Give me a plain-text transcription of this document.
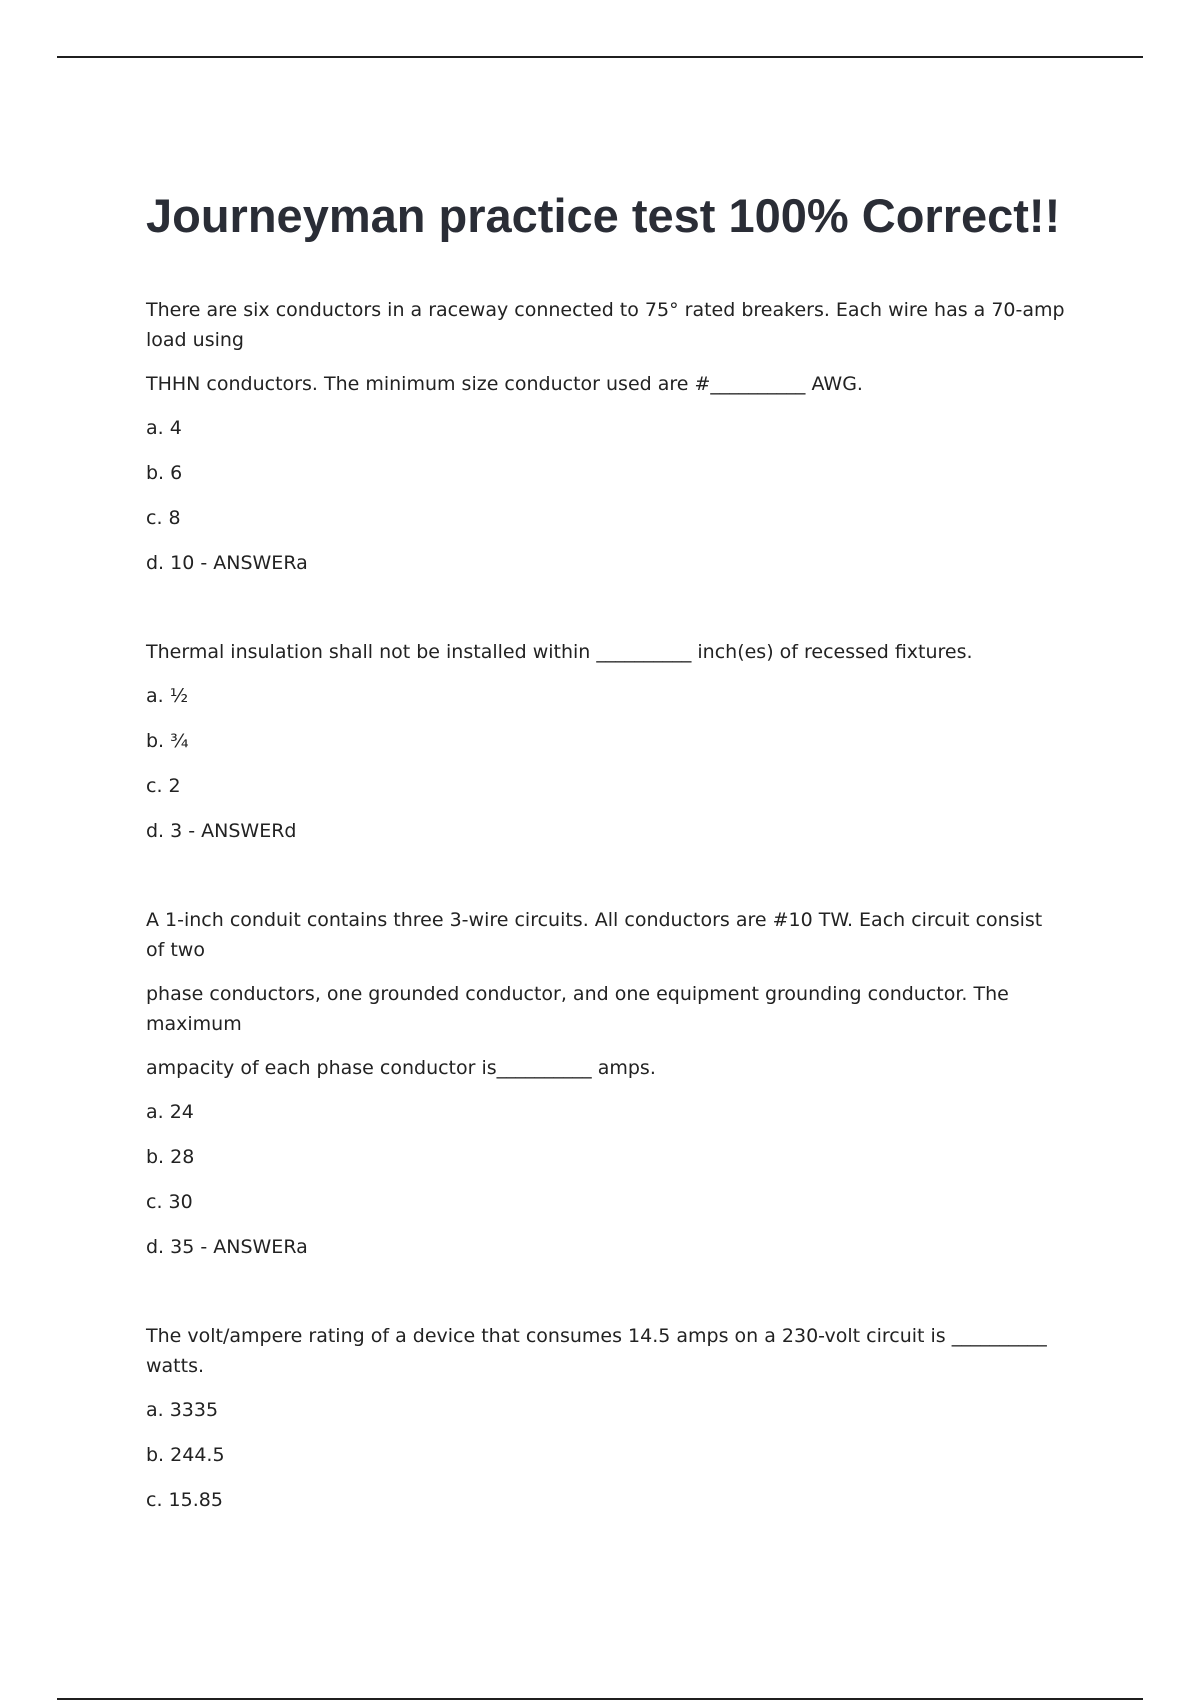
Journeyman practice test 100% Correct!!

There are six conductors in a raceway connected to 75° rated breakers. Each wire has a 70-amp load using

THHN conductors. The minimum size conductor used are #__________ AWG.

a. 4

b. 6

c. 8

d. 10 - ANSWERa

Thermal insulation shall not be installed within __________ inch(es) of recessed fixtures.

a. ½

b. ¾

c. 2

d. 3 - ANSWERd

A 1-inch conduit contains three 3-wire circuits. All conductors are #10 TW. Each circuit consist of two

phase conductors, one grounded conductor, and one equipment grounding conductor. The maximum

ampacity of each phase conductor is__________ amps.

a. 24

b. 28

c. 30

d. 35 - ANSWERa

The volt/ampere rating of a device that consumes 14.5 amps on a 230-volt circuit is __________ watts.

a. 3335

b. 244.5

c. 15.85
